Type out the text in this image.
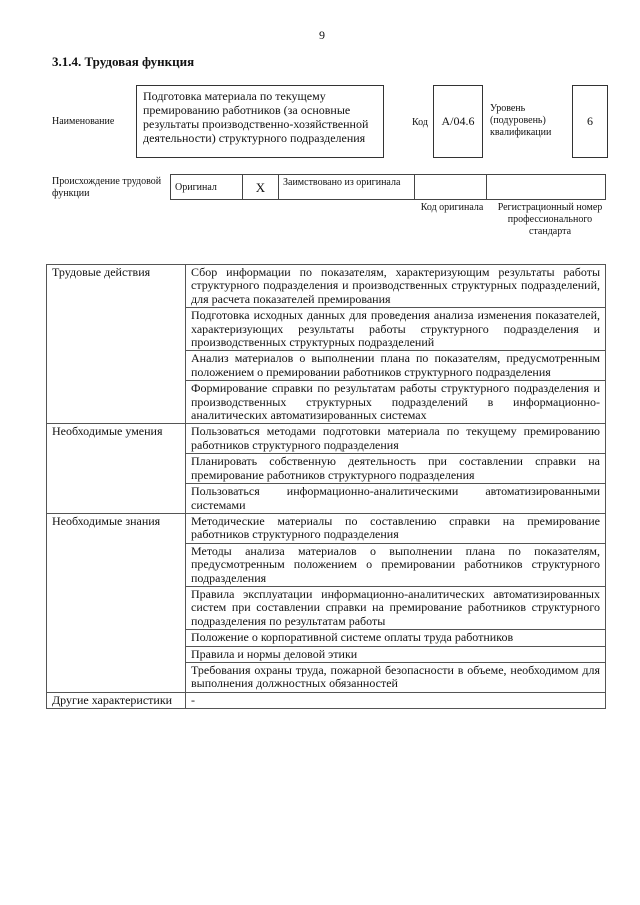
9
3.1.4. Трудовая функция
Наименование
Подготовка материала по текущему премированию работников (за основные результаты производственно-хозяйственной деятельности) структурного подразделения
Код	А/04.6
Уровень (подуровень) квалификации
6
Происхождение трудовой функции
Оригинал	X	Заимствовано из оригинала
Код оригинала	Регистрационный номер профессионального стандарта
Трудовые действия	Сбор информации по показателям, характеризующим результаты работы структурного подразделения и производственных структурных подразделений, для расчета показателей премирования
	Подготовка исходных данных для проведения анализа изменения показателей, характеризующих результаты работы структурного подразделения и производственных структурных подразделений
	Анализ материалов о выполнении плана по показателям, предусмотренным положением о премировании работников структурного подразделения
	Формирование справки по результатам работы структурного подразделения и производственных структурных подразделений в информационно-аналитических автоматизированных системах
Необходимые умения	Пользоваться методами подготовки материала по текущему премированию работников структурного подразделения
	Планировать собственную деятельность при составлении справки на премирование работников структурного подразделения
	Пользоваться информационно-аналитическими автоматизированными системами
Необходимые знания	Методические материалы по составлению справки на премирование работников структурного подразделения
	Методы анализа материалов о выполнении плана по показателям, предусмотренным положением о премировании работников структурного подразделения
	Правила эксплуатации информационно-аналитических автоматизированных систем при составлении справки на премирование работников структурного подразделения по результатам работы
	Положение о корпоративной системе оплаты труда работников
	Правила и нормы деловой этики
	Требования охраны труда, пожарной безопасности в объеме, необходимом для выполнения должностных обязанностей
Другие характеристики	-
